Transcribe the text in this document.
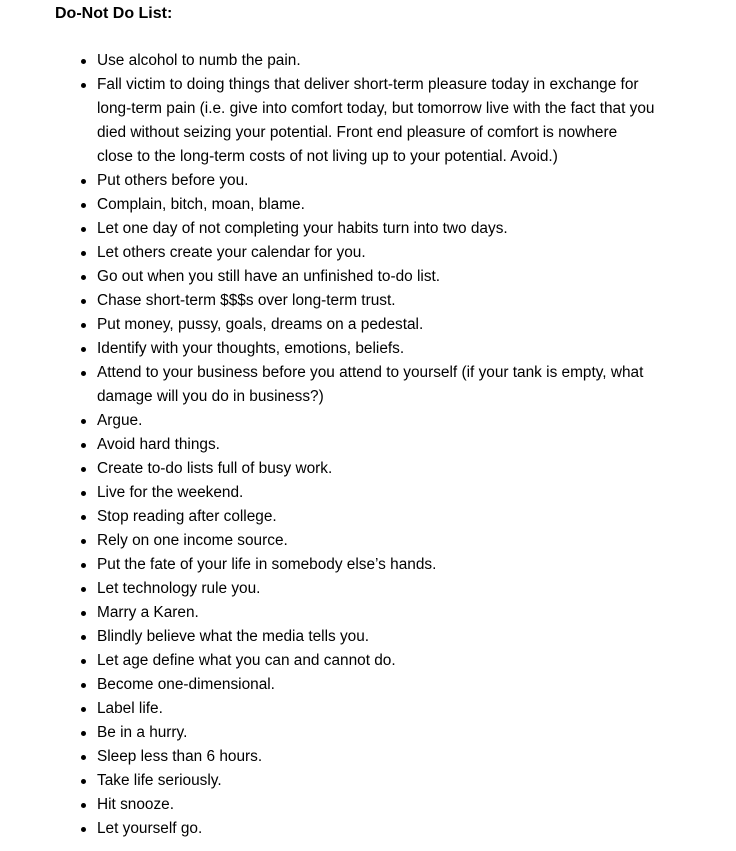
Do-Not Do List:
Use alcohol to numb the pain.
Fall victim to doing things that deliver short-term pleasure today in exchange for long-term pain (i.e. give into comfort today, but tomorrow live with the fact that you died without seizing your potential. Front end pleasure of comfort is nowhere close to the long-term costs of not living up to your potential. Avoid.)
Put others before you.
Complain, bitch, moan, blame.
Let one day of not completing your habits turn into two days.
Let others create your calendar for you.
Go out when you still have an unfinished to-do list.
Chase short-term $$$s over long-term trust.
Put money, pussy, goals, dreams on a pedestal.
Identify with your thoughts, emotions, beliefs.
Attend to your business before you attend to yourself (if your tank is empty, what damage will you do in business?)
Argue.
Avoid hard things.
Create to-do lists full of busy work.
Live for the weekend.
Stop reading after college.
Rely on one income source.
Put the fate of your life in somebody else’s hands.
Let technology rule you.
Marry a Karen.
Blindly believe what the media tells you.
Let age define what you can and cannot do.
Become one-dimensional.
Label life.
Be in a hurry.
Sleep less than 6 hours.
Take life seriously.
Hit snooze.
Let yourself go.
